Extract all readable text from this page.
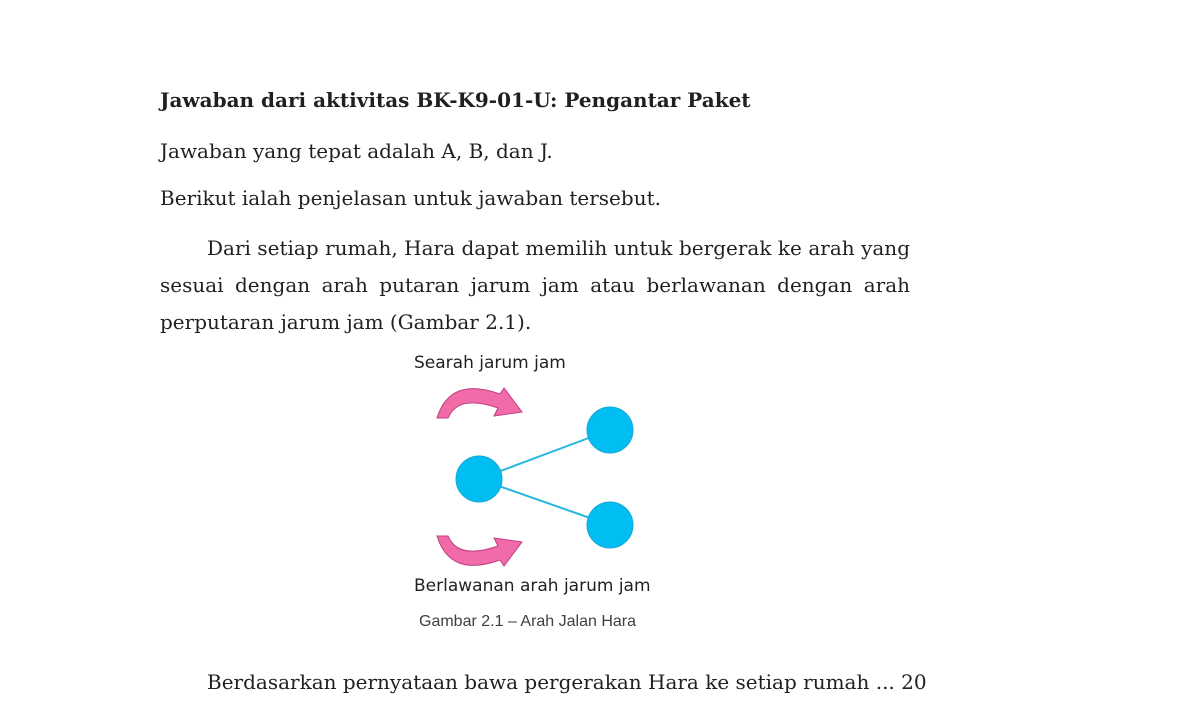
Jawaban dari aktivitas BK-K9-01-U: Pengantar Paket
Jawaban yang tepat adalah A, B, dan J.
Berikut ialah penjelasan untuk jawaban tersebut.
Dari setiap rumah, Hara dapat memilih untuk bergerak ke arah yang sesuai dengan arah putaran jarum jam atau berlawanan dengan arah perputaran jarum jam (Gambar 2.1).
Searah jarum jam
Berlawanan arah jarum jam
Gambar 2.1 – Arah Jalan Hara
Berdasarkan pernyataan bawa pergerakan Hara ke setiap rumah ... 20
